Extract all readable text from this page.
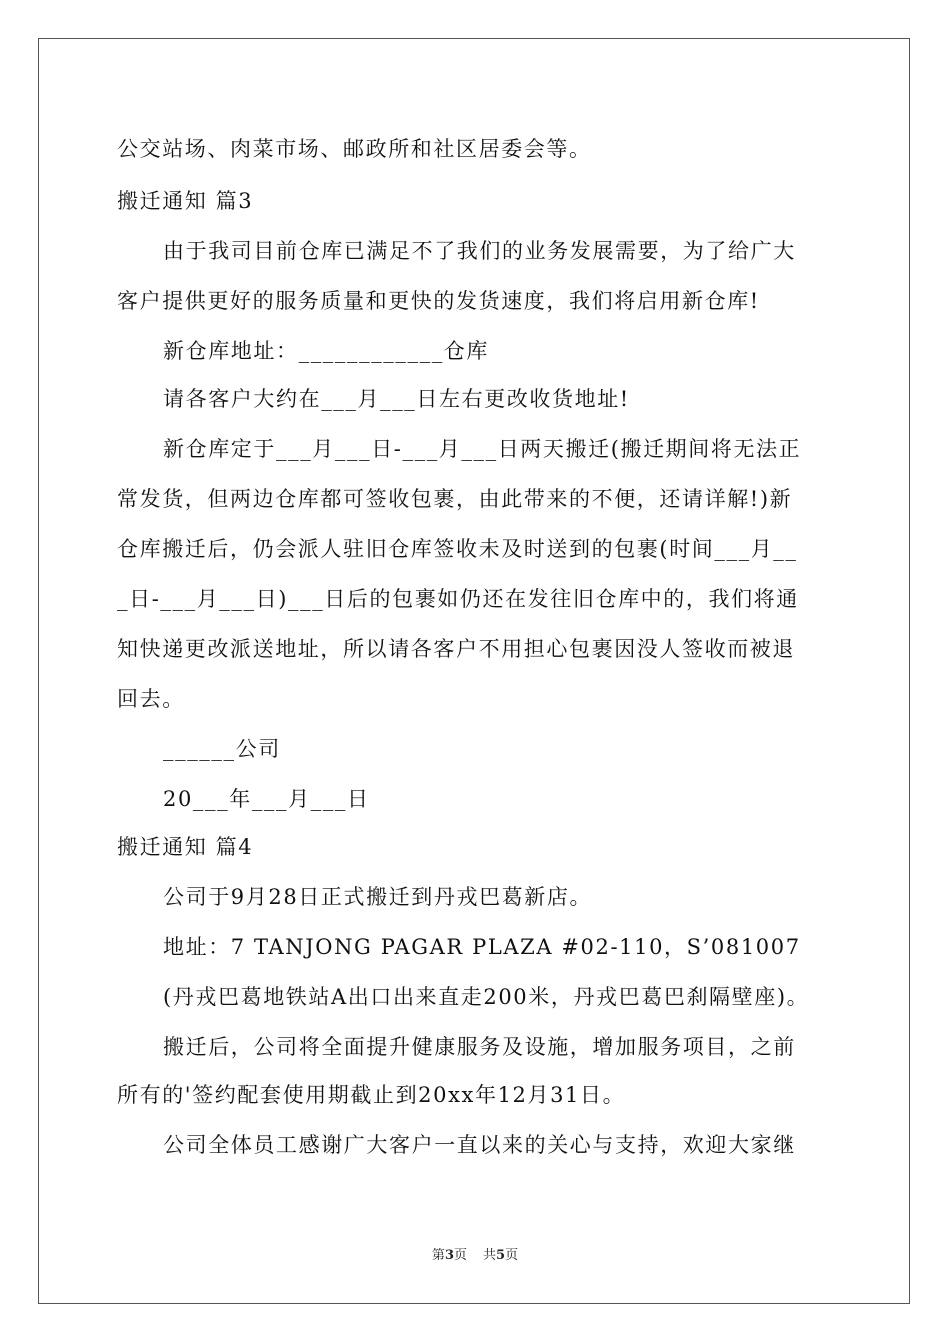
公交站场、肉菜市场、邮政所和社区居委会等。
搬迁通知 篇3
由于我司目前仓库已满足不了我们的业务发展需要，为了给广大
客户提供更好的服务质量和更快的发货速度，我们将启用新仓库!
新仓库地址：____________仓库
请各客户大约在___月___日左右更改收货地址!
新仓库定于___月___日-___月___日两天搬迁(搬迁期间将无法正
常发货，但两边仓库都可签收包裹，由此带来的不便，还请详解!)新
仓库搬迁后，仍会派人驻旧仓库签收未及时送到的包裹(时间___月__
_日-___月___日)___日后的包裹如仍还在发往旧仓库中的，我们将通
知快递更改派送地址，所以请各客户不用担心包裹因没人签收而被退
回去。
______公司
20___年___月___日
搬迁通知 篇4
公司于9月28日正式搬迁到丹戎巴葛新店。
地址：7 TANJONG PAGAR PLAZA #02-110，S’081007
(丹戎巴葛地铁站A出口出来直走200米，丹戎巴葛巴刹隔壁座)。
搬迁后，公司将全面提升健康服务及设施，增加服务项目，之前
所有的'签约配套使用期截止到20xx年12月31日。
公司全体员工感谢广大客户一直以来的关心与支持，欢迎大家继
第3页 共5页
